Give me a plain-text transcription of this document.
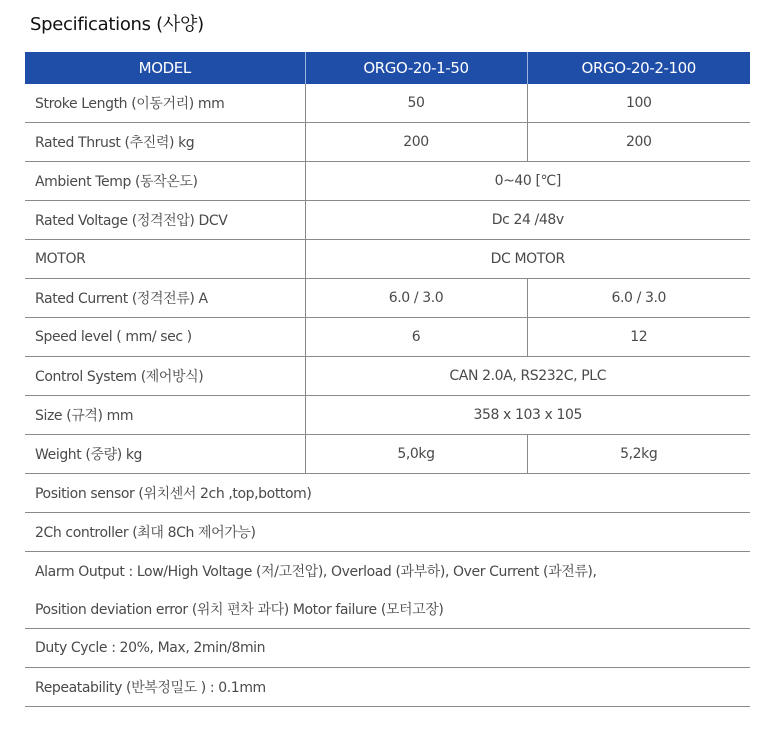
Specifications (사양)
MODEL	ORGO-20-1-50	ORGO-20-2-100
Stroke Length (이동거리) mm	50	100
Rated Thrust (추진력) kg	200	200
Ambient Temp (동작온도)	0~40 [℃]	
Rated Voltage (정격전압) DCV	Dc 24 /48v	
MOTOR	DC MOTOR	
Rated Current (정격전류) A	6.0 / 3.0	6.0 / 3.0
Speed level ( mm/ sec )	6	12
Control System (제어방식)	CAN 2.0A, RS232C, PLC	
Size (규격) mm	358 x 103 x 105	
Weight (중량) kg	5,0kg	5,2kg
Position sensor (위치센서 2ch ,top,bottom)		
2Ch controller (최대 8Ch 제어가능)		
Alarm Output : Low/High Voltage (저/고전압), Overload (과부하), Over Current (과전류),		
Position deviation error (위치 편차 과다) Motor failure (모터고장)		
Duty Cycle : 20%, Max, 2min/8min		
Repeatability (반복정밀도 ) : 0.1mm		
